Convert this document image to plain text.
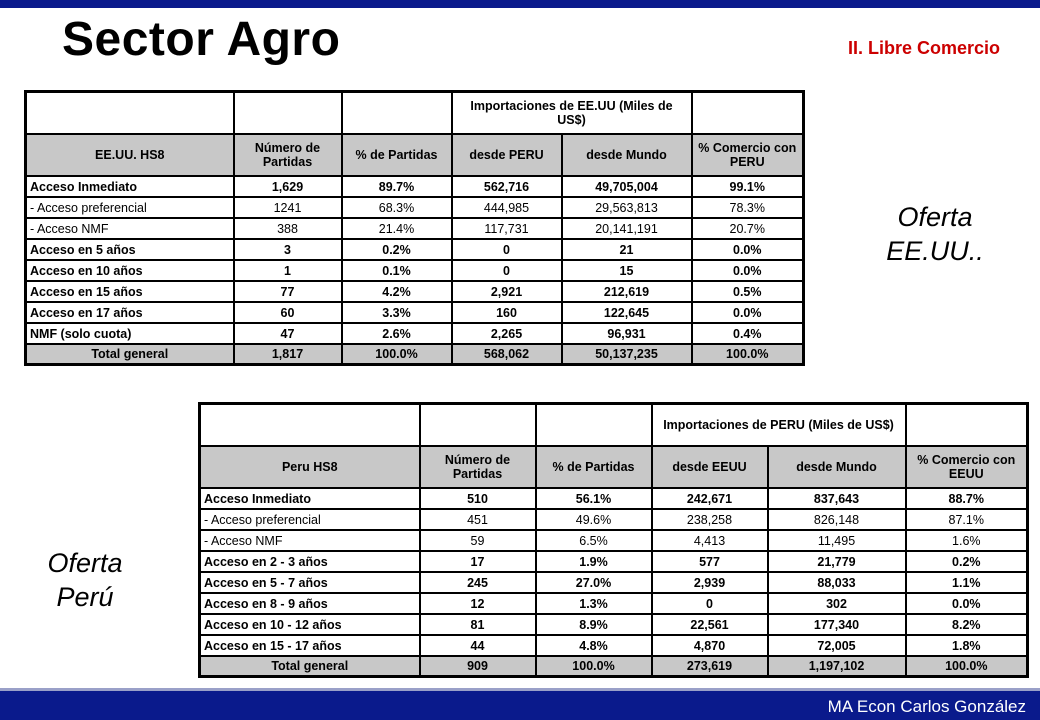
Sector Agro	II. Libre Comercio
Oferta
EE.UU..
Oferta
Perú
			Importaciones de EE.UU (Miles de US$)		
EE.UU. HS8	Número de Partidas	% de Partidas	desde PERU	desde Mundo	% Comercio con PERU
Acceso Inmediato	1,629	89.7%	562,716	49,705,004	99.1%
- Acceso preferencial	1241	68.3%	444,985	29,563,813	78.3%
- Acceso NMF	388	21.4%	117,731	20,141,191	20.7%
Acceso en 5 años	3	0.2%	0	21	0.0%
Acceso en 10 años	1	0.1%	0	15	0.0%
Acceso en 15 años	77	4.2%	2,921	212,619	0.5%
Acceso en 17 años	60	3.3%	160	122,645	0.0%
NMF (solo cuota)	47	2.6%	2,265	96,931	0.4%
Total general	1,817	100.0%	568,062	50,137,235	100.0%
			Importaciones de PERU (Miles de US$)		
Peru HS8	Número de Partidas	% de Partidas	desde EEUU	desde Mundo	% Comercio con EEUU
Acceso Inmediato	510	56.1%	242,671	837,643	88.7%
- Acceso preferencial	451	49.6%	238,258	826,148	87.1%
- Acceso NMF	59	6.5%	4,413	11,495	1.6%
Acceso en 2 - 3 años	17	1.9%	577	21,779	0.2%
Acceso en 5 - 7 años	245	27.0%	2,939	88,033	1.1%
Acceso en 8 - 9 años	12	1.3%	0	302	0.0%
Acceso en 10 - 12 años	81	8.9%	22,561	177,340	8.2%
Acceso en 15 - 17 años	44	4.8%	4,870	72,005	1.8%
Total general	909	100.0%	273,619	1,197,102	100.0%
MA Econ Carlos González
